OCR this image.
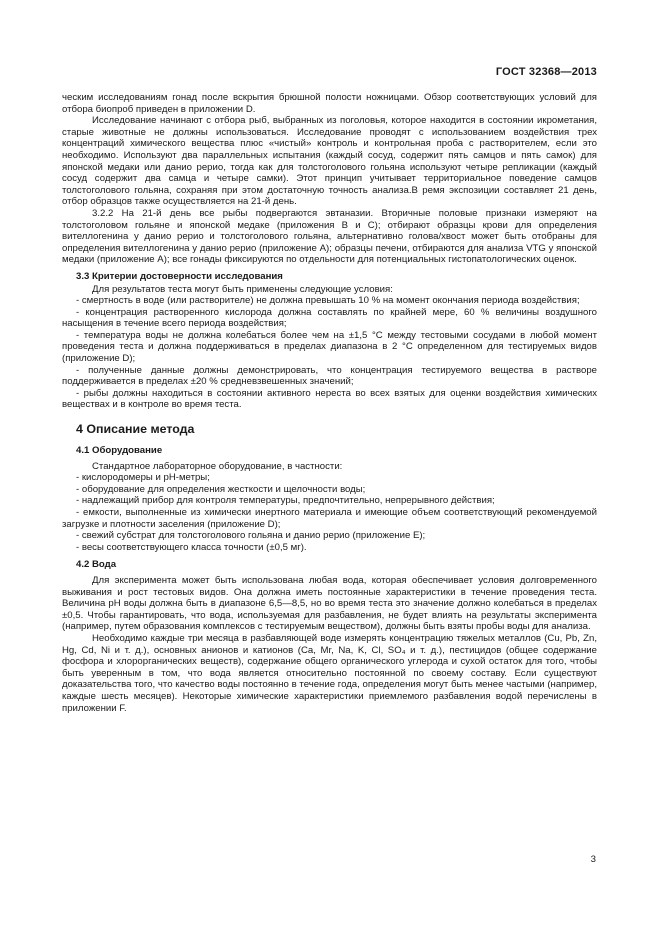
ГОСТ 32368—2013

ческим исследованиям гонад после вскрытия брюшной полости ножницами. Обзор соответствующих условий для отбора биопроб приведен в приложении D.

Исследование начинают с отбора рыб, выбранных из поголовья, которое находится в состоянии икрометания, старые животные не должны использоваться. Исследование проводят с использованием воздействия трех концентраций химического вещества плюс «чистый» контроль и контрольная проба с растворителем, если это необходимо. Используют два параллельных испытания (каждый сосуд, содержит пять самцов и пять самок) для японской медаки или данио рерио, тогда как для толстоголового гольяна используют четыре репликации (каждый сосуд содержит два самца и четыре самки). Этот принцип учитывает территориальное поведение самцов толстоголового гольяна, сохраняя при этом достаточную точность анализа.В ремя экспозиции составляет 21 день, отбор образцов также осуществляется на 21-й день.

3.2.2 На 21-й день все рыбы подвергаются эвтаназии. Вторичные половые признаки измеряют на толстоголовом гольяне и японской медаке (приложения В и С); отбирают образцы крови для определения вителлогенина у данио рерио и толстоголового гольяна, альтернативно голова/хвост может быть отобраны для определения вителлогенина у данио рерио (приложение А); образцы печени, отбираются для анализа VTG у японской медаки (приложение А); все гонады фиксируются по отдельности для потенциальных гистопатологических оценок.

3.3 Критерии достоверности исследования

Для результатов теста могут быть применены следующие условия:

- смертность в воде (или растворителе) не должна превышать 10 % на момент окончания периода воздействия;

- концентрация растворенного кислорода должна составлять по крайней мере, 60 % величины воздушного насыщения в течение всего периода воздействия;

- температура воды не должна колебаться более чем на ±1,5 °С между тестовыми сосудами в любой момент проведения теста и должна поддерживаться в пределах диапазона в 2 °С определенном для тестируемых видов (приложение D);

- полученные данные должны демонстрировать, что концентрация тестируемого вещества в растворе поддерживается в пределах ±20 % средневзвешенных значений;

- рыбы должны находиться в состоянии активного нереста во всех взятых для оценки воздействия химических веществах и в контроле во время теста.

4 Описание метода

4.1 Оборудование

Стандартное лабораторное оборудование, в частности:

- кислородомеры и рН-метры;

- оборудование для определения жесткости и щелочности воды;

- надлежащий прибор для контроля температуры, предпочтительно, непрерывного действия;

- емкости, выполненные из химически инертного материала и имеющие объем соответствующий рекомендуемой загрузке и плотности заселения (приложение D);

- свежий субстрат для толстоголового гольяна и данио рерио (приложение Е);

- весы соответствующего класса точности (±0,5 мг).

4.2 Вода

Для эксперимента может быть использована любая вода, которая обеспечивает условия долговременного выживания и рост тестовых видов. Она должна иметь постоянные характеристики в течение проведения теста. Величина рН воды должна быть в диапазоне 6,5—8,5, но во время теста это значение должно колебаться в пределах ±0,5. Чтобы гарантировать, что вода, используемая для разбавления, не будет влиять на результаты эксперимента (например, путем образования комплексов с тестируемым веществом), должны быть взяты пробы воды для анализа.

Необходимо каждые три месяца в разбавляющей воде измерять концентрацию тяжелых металлов (Cu, Pb, Zn, Hg, Cd, Ni и т. д.), основных анионов и катионов (Ca, Mr, Na, K, Cl, SO₄ и т. д.), пестицидов (общее содержание фосфора и хлорорганических веществ), содержание общего органического углерода и сухой остаток для того, чтобы быть уверенным в том, что вода является относительно постоянной по своему составу. Если существуют доказательства того, что качество воды постоянно в течение года, определения могут быть менее частыми (например, каждые шесть месяцев). Некоторые химические характеристики приемлемого разбавления водой перечислены в приложении F.

3
